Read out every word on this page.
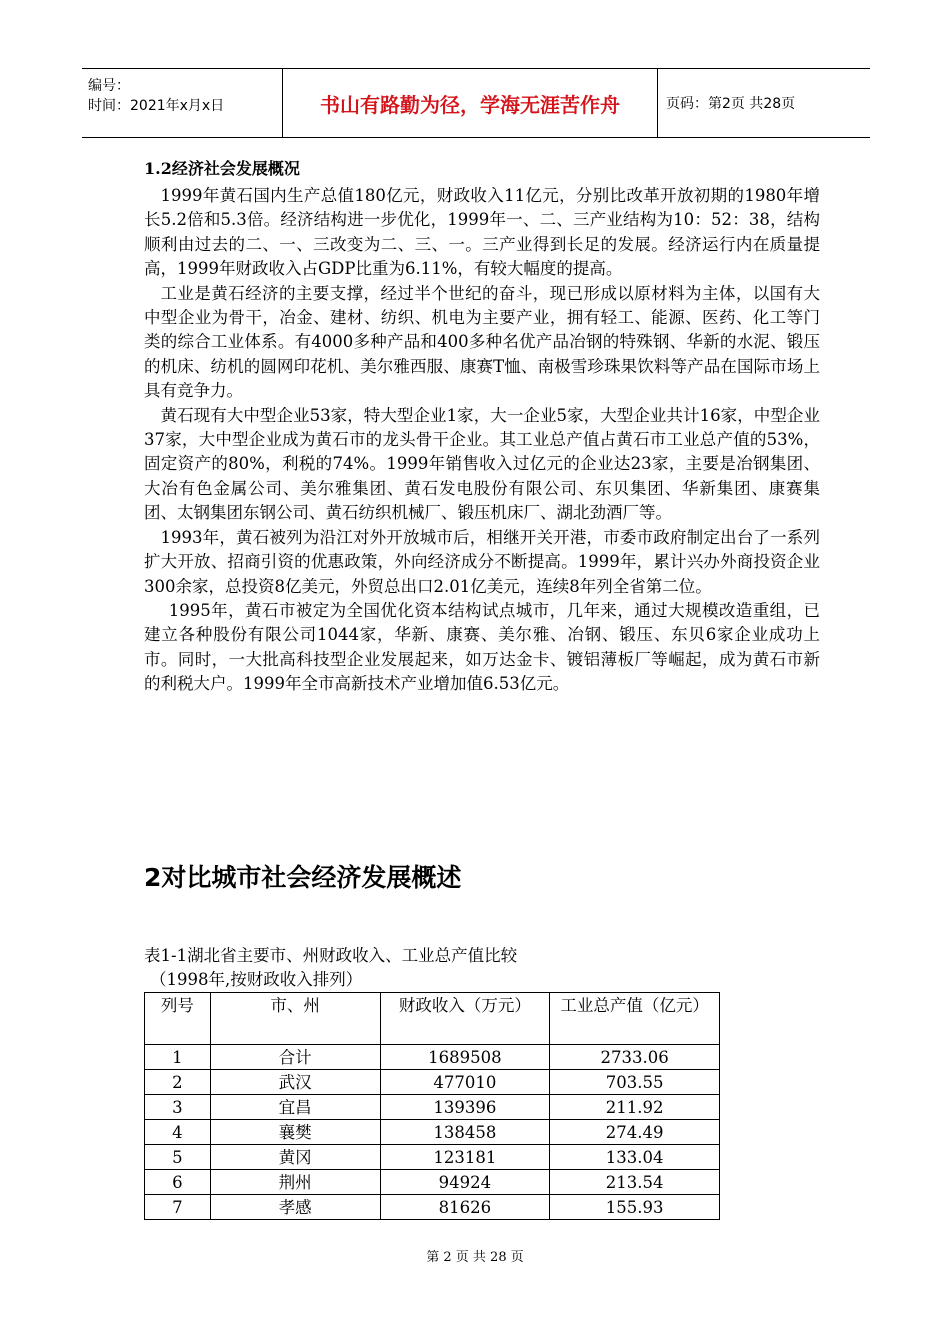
编号：
时间：2021年x月x日	书山有路勤为径，学海无涯苦作舟	页码：第2页 共28页
1.2经济社会发展概况

1999年黄石国内生产总值180亿元，财政收入11亿元，分别比改革开放初期的1980年增长5.2倍和5.3倍。经济结构进一步优化，1999年一、二、三产业结构为10：52：38，结构顺利由过去的二、一、三改变为二、三、一。三产业得到长足的发展。经济运行内在质量提高，1999年财政收入占GDP比重为6.11%，有较大幅度的提高。

工业是黄石经济的主要支撑，经过半个世纪的奋斗，现已形成以原材料为主体，以国有大中型企业为骨干，冶金、建材、纺织、机电为主要产业，拥有轻工、能源、医药、化工等门类的综合工业体系。有4000多种产品和400多种名优产品冶钢的特殊钢、华新的水泥、锻压的机床、纺机的圆网印花机、美尔雅西服、康赛T恤、南极雪珍珠果饮料等产品在国际市场上具有竞争力。

黄石现有大中型企业53家，特大型企业1家，大一企业5家，大型企业共计16家，中型企业37家，大中型企业成为黄石市的龙头骨干企业。其工业总产值占黄石市工业总产值的53%，固定资产的80%，利税的74%。1999年销售收入过亿元的企业达23家，主要是冶钢集团、大冶有色金属公司、美尔雅集团、黄石发电股份有限公司、东贝集团、华新集团、康赛集团、太钢集团东钢公司、黄石纺织机械厂、锻压机床厂、湖北劲酒厂等。

1993年，黄石被列为沿江对外开放城市后，相继开关开港，市委市政府制定出台了一系列扩大开放、招商引资的优惠政策，外向经济成分不断提高。1999年，累计兴办外商投资企业300余家，总投资8亿美元，外贸总出口2.01亿美元，连续8年列全省第二位。

1995年，黄石市被定为全国优化资本结构试点城市，几年来，通过大规模改造重组，已建立各种股份有限公司1044家，华新、康赛、美尔雅、冶钢、锻压、东贝6家企业成功上市。同时，一大批高科技型企业发展起来，如万达金卡、镀铝薄板厂等崛起，成为黄石市新的利税大户。1999年全市高新技术产业增加值6.53亿元。

2对比城市社会经济发展概述
表1-1湖北省主要市、州财政收入、工业总产值比较
（1998年,按财政收入排列）
列号	市、州	财政收入（万元）	工业总产值（亿元）
1	合计	1689508	2733.06
2	武汉	477010	703.55
3	宜昌	139396	211.92
4	襄樊	138458	274.49
5	黄冈	123181	133.04
6	荆州	94924	213.54
7	孝感	81626	155.93
第 2 页 共 28 页
